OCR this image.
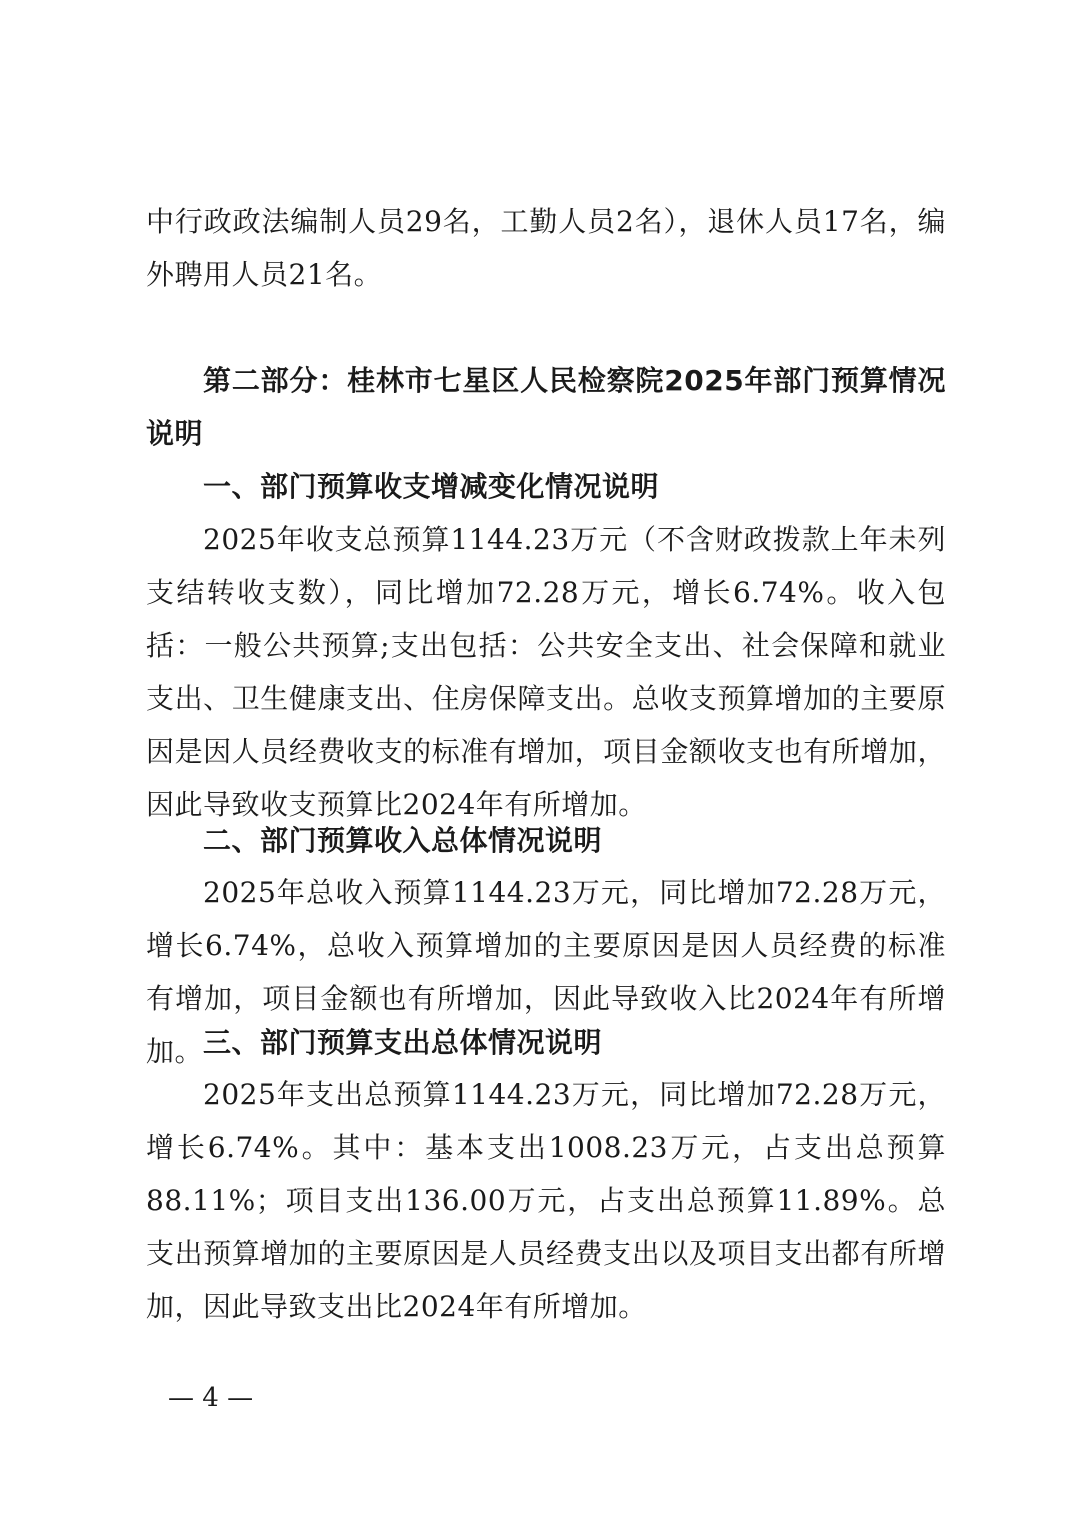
中行政政法编制人员29名，工勤人员2名），退休人员17名，编外聘用人员21名。

第二部分：桂林市七星区人民检察院2025年部门预算情况说明

一、部门预算收支增减变化情况说明

2025年收支总预算1144.23万元（不含财政拨款上年未列支结转收支数），同比增加72.28万元，增长6.74%。收入包括：一般公共预算;支出包括：公共安全支出、社会保障和就业支出、卫生健康支出、住房保障支出。总收支预算增加的主要原因是因人员经费收支的标准有增加，项目金额收支也有所增加，因此导致收支预算比2024年有所增加。

二、部门预算收入总体情况说明

2025年总收入预算1144.23万元，同比增加72.28万元，增长6.74%，总收入预算增加的主要原因是因人员经费的标准有增加，项目金额也有所增加，因此导致收入比2024年有所增加。 三、部门预算支出总体情况说明

2025年支出总预算1144.23万元，同比增加72.28万元，增长6.74%。其中：基本支出1008.23万元，占支出总预算88.11%；项目支出136.00万元，占支出总预算11.89%。总支出预算增加的主要原因是人员经费支出以及项目支出都有所增加，因此导致支出比2024年有所增加。

— 4 —
